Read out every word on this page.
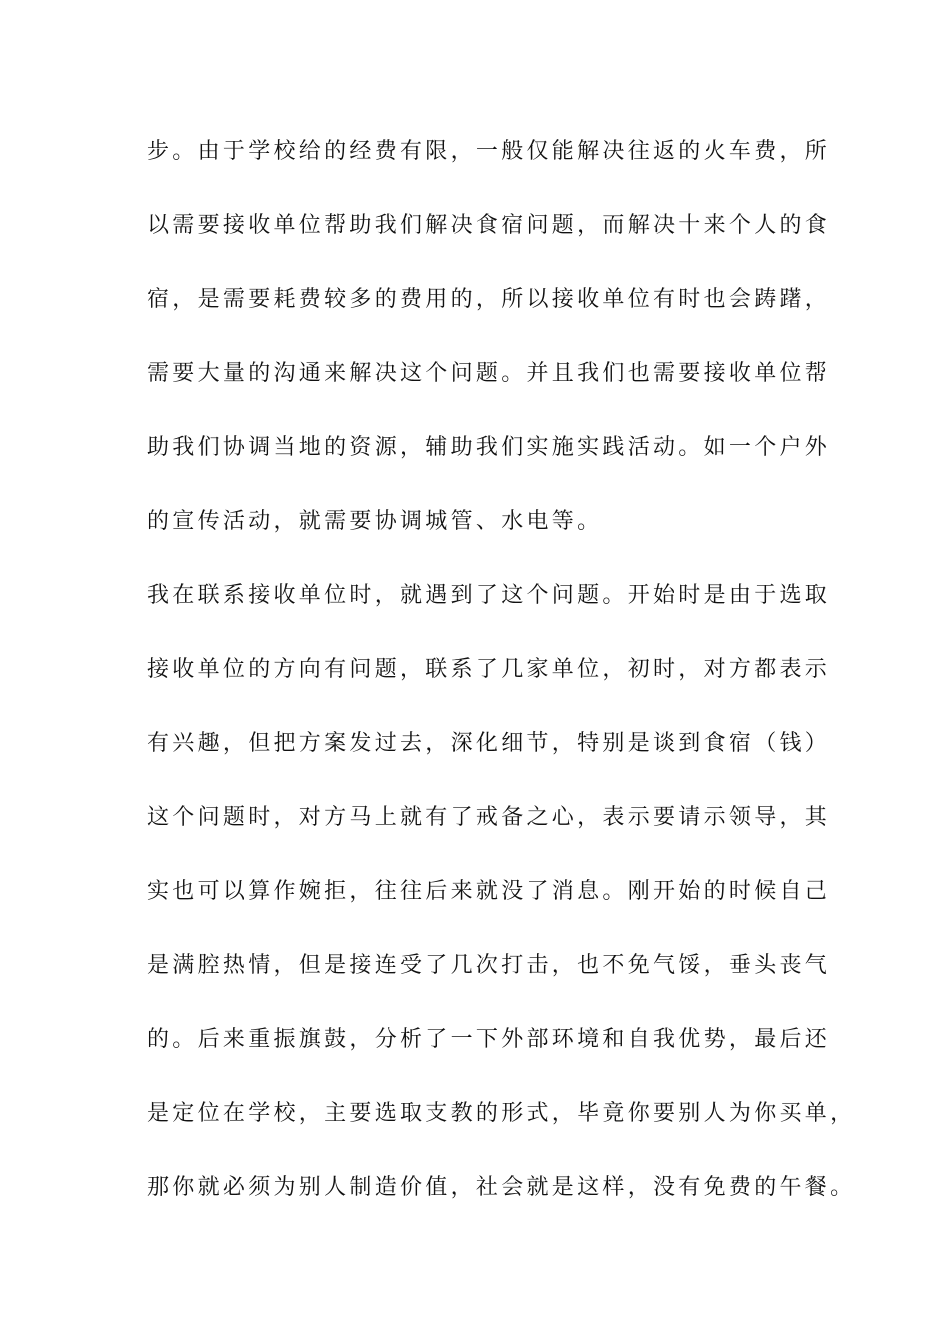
步。由于学校给的经费有限，一般仅能解决往返的火车费，所
以需要接收单位帮助我们解决食宿问题，而解决十来个人的食
宿，是需要耗费较多的费用的，所以接收单位有时也会踌躇，
需要大量的沟通来解决这个问题。并且我们也需要接收单位帮
助我们协调当地的资源，辅助我们实施实践活动。如一个户外
的宣传活动，就需要协调城管、水电等。
我在联系接收单位时，就遇到了这个问题。开始时是由于选取
接收单位的方向有问题，联系了几家单位，初时，对方都表示
有兴趣，但把方案发过去，深化细节，特别是谈到食宿（钱）
这个问题时，对方马上就有了戒备之心，表示要请示领导，其
实也可以算作婉拒，往往后来就没了消息。刚开始的时候自己
是满腔热情，但是接连受了几次打击，也不免气馁，垂头丧气
的。后来重振旗鼓，分析了一下外部环境和自我优势，最后还
是定位在学校，主要选取支教的形式，毕竟你要别人为你买单，
那你就必须为别人制造价值，社会就是这样，没有免费的午餐。
